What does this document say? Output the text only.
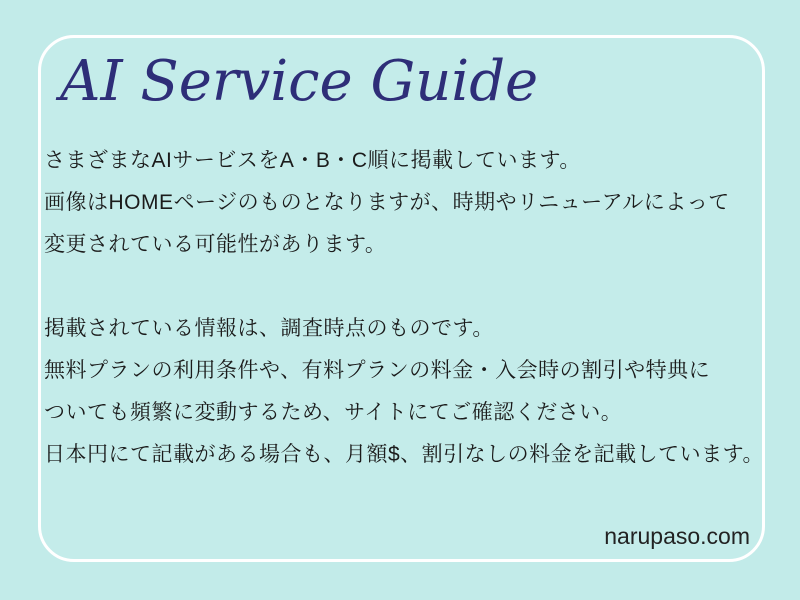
AI Service Guide
さまざまなAIサービスをA・B・C順に掲載しています。
画像はHOMEページのものとなりますが、時期やリニューアルによって
変更されている可能性があります。
掲載されている情報は、調査時点のものです。
無料プランの利用条件や、有料プランの料金・入会時の割引や特典に
ついても頻繁に変動するため、サイトにてご確認ください。
日本円にて記載がある場合も、月額$、割引なしの料金を記載しています。
narupaso.com
